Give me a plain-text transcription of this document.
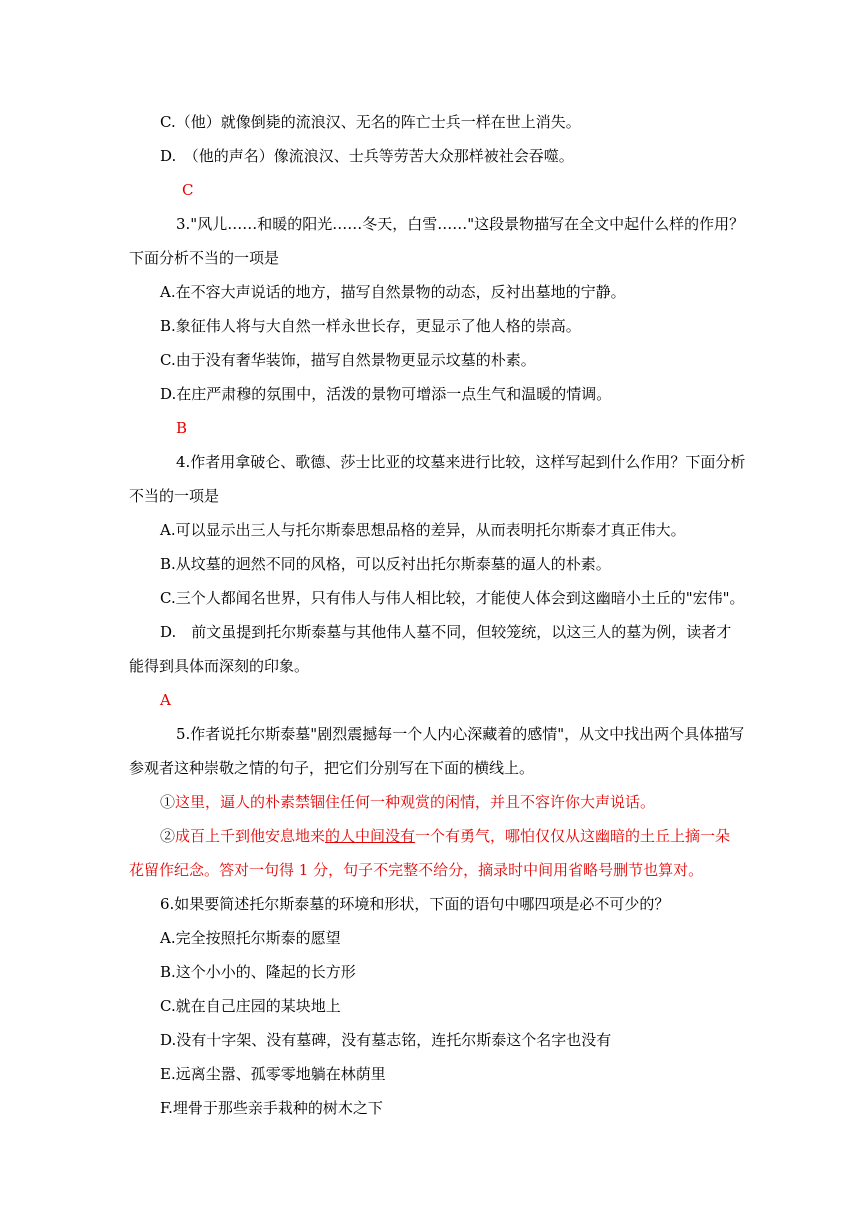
C.（他）就像倒毙的流浪汉、无名的阵亡士兵一样在世上消失。
D.　（他的声名）像流浪汉、士兵等劳苦大众那样被社会吞噬。
C
3."风儿……和暖的阳光……冬天，白雪……"这段景物描写在全文中起什么样的作用？
下面分析不当的一项是
A.在不容大声说话的地方，描写自然景物的动态，反衬出墓地的宁静。
B.象征伟人将与大自然一样永世长存，更显示了他人格的崇高。
C.由于没有奢华装饰，描写自然景物更显示坟墓的朴素。
D.在庄严肃穆的氛围中，活泼的景物可增添一点生气和温暖的情调。
B
4.作者用拿破仑、歌德、莎士比亚的坟墓来进行比较，这样写起到什么作用？下面分析
不当的一项是
A.可以显示出三人与托尔斯泰思想品格的差异，从而表明托尔斯泰才真正伟大。
B.从坟墓的迥然不同的风格，可以反衬出托尔斯泰墓的逼人的朴素。
C.三个人都闻名世界，只有伟人与伟人相比较，才能使人体会到这幽暗小土丘的"宏伟"。
D.　前文虽提到托尔斯泰墓与其他伟人墓不同，但较笼统，以这三人的墓为例，读者才
能得到具体而深刻的印象。
A
5.作者说托尔斯泰墓"剧烈震撼每一个人内心深藏着的感情"，从文中找出两个具体描写
参观者这种崇敬之情的句子，把它们分别写在下面的横线上。
①这里，逼人的朴素禁锢住任何一种观赏的闲情，并且不容许你大声说话。
②成百上千到他安息地来的人中间没有一个有勇气，哪怕仅仅从这幽暗的土丘上摘一朵
花留作纪念。答对一句得 1 分，句子不完整不给分，摘录时中间用省略号删节也算对。
6.如果要简述托尔斯泰墓的环境和形状，下面的语句中哪四项是必不可少的？
A.完全按照托尔斯泰的愿望
B.这个小小的、隆起的长方形
C.就在自己庄园的某块地上
D.没有十字架、没有墓碑，没有墓志铭，连托尔斯泰这个名字也没有
E.远离尘嚣、孤零零地躺在林荫里
F.埋骨于那些亲手栽种的树木之下
